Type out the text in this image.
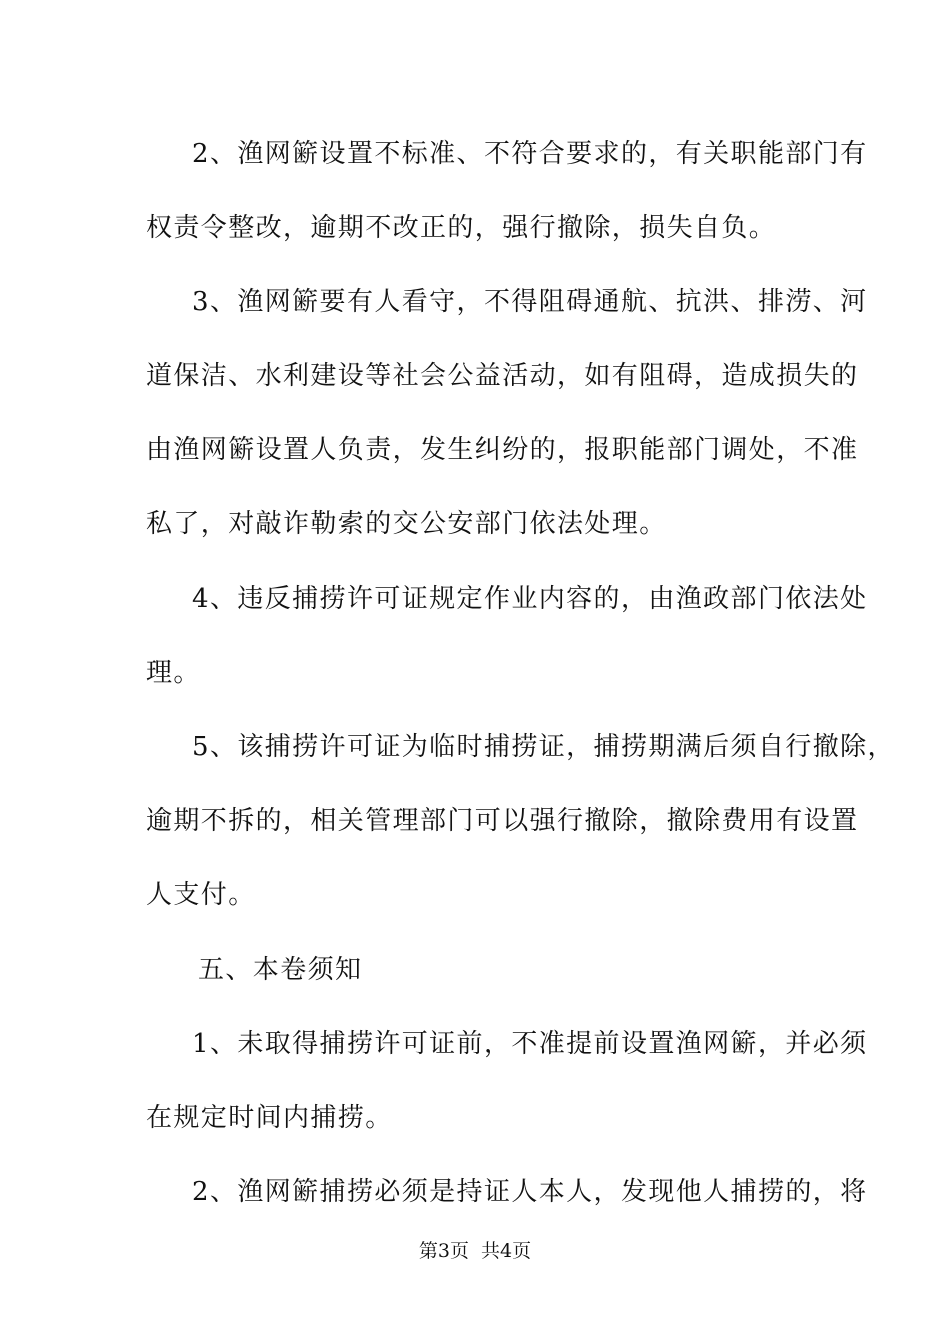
2、渔网簖设置不标准、不符合要求的，有关职能部门有
权责令整改，逾期不改正的，强行撤除，损失自负。
3、渔网簖要有人看守，不得阻碍通航、抗洪、排涝、河
道保洁、水利建设等社会公益活动，如有阻碍，造成损失的
由渔网簖设置人负责，发生纠纷的，报职能部门调处，不准
私了，对敲诈勒索的交公安部门依法处理。
4、违反捕捞许可证规定作业内容的，由渔政部门依法处
理。
5、该捕捞许可证为临时捕捞证，捕捞期满后须自行撤除，
逾期不拆的，相关管理部门可以强行撤除，撤除费用有设置
人支付。
五、本卷须知
1、未取得捕捞许可证前，不准提前设置渔网簖，并必须
在规定时间内捕捞。
2、渔网簖捕捞必须是持证人本人，发现他人捕捞的，将
第3页 共4页
